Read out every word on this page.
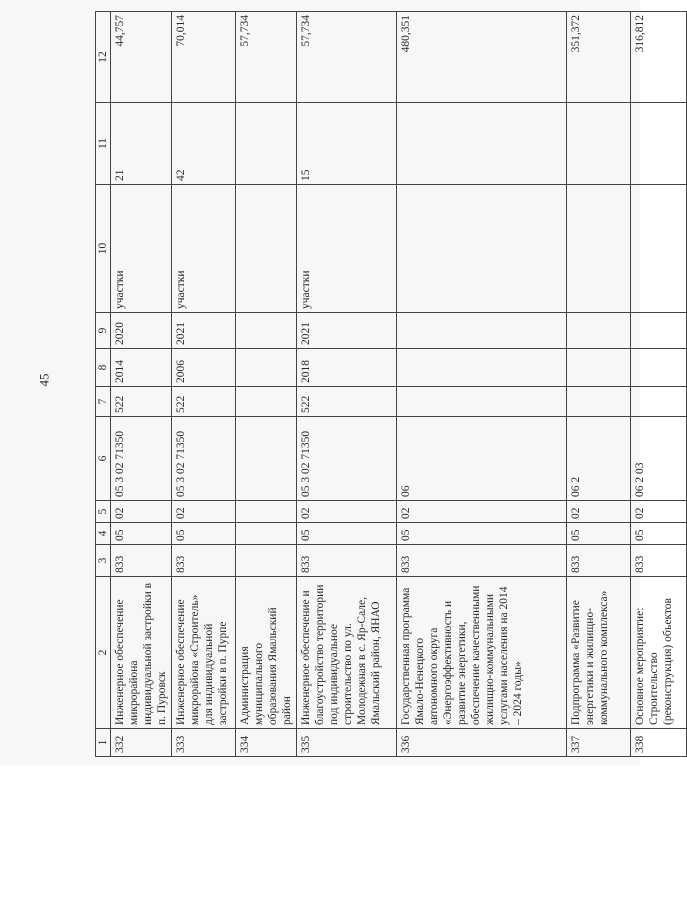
45
1	2	3	4	5	6	7	8	9	10	11	12
332	Инженерное обеспечение микрорайона индивидуальной застройки в п. Пуровск	833	05	02	05 3 02 71350	522	2014	2020	участки	21	44,757
333	Инженерное обеспечение микрорайона «Строитель» для индивидуальной застройки в п. Пурпе	833	05	02	05 3 02 71350	522	2006	2021	участки	42	70,014
334	Администрация муниципального образования Ямальский район										57,734
335	Инженерное обеспечение и благоустройство территории под индивидуальное строительство по ул. Молодежная в с. Яр-Сале, Ямальский район, ЯНАО	833	05	02	05 3 02 71350	522	2018	2021	участки	15	57,734
336	Государственная программа Ямало-Ненецкого автономного округа «Энергоэффективность и развитие энергетики, обеспечение качественными жилищно-коммунальными услугами населения на 2014 – 2024 годы»	833	05	02	06						480,351
337	Подпрограмма «Развитие энергетики и жилищно-коммунального комплекса»	833	05	02	06 2						351,372
338	Основное мероприятие: Строительство (реконструкция) объектов	833	05	02	06 2 03						316,812
